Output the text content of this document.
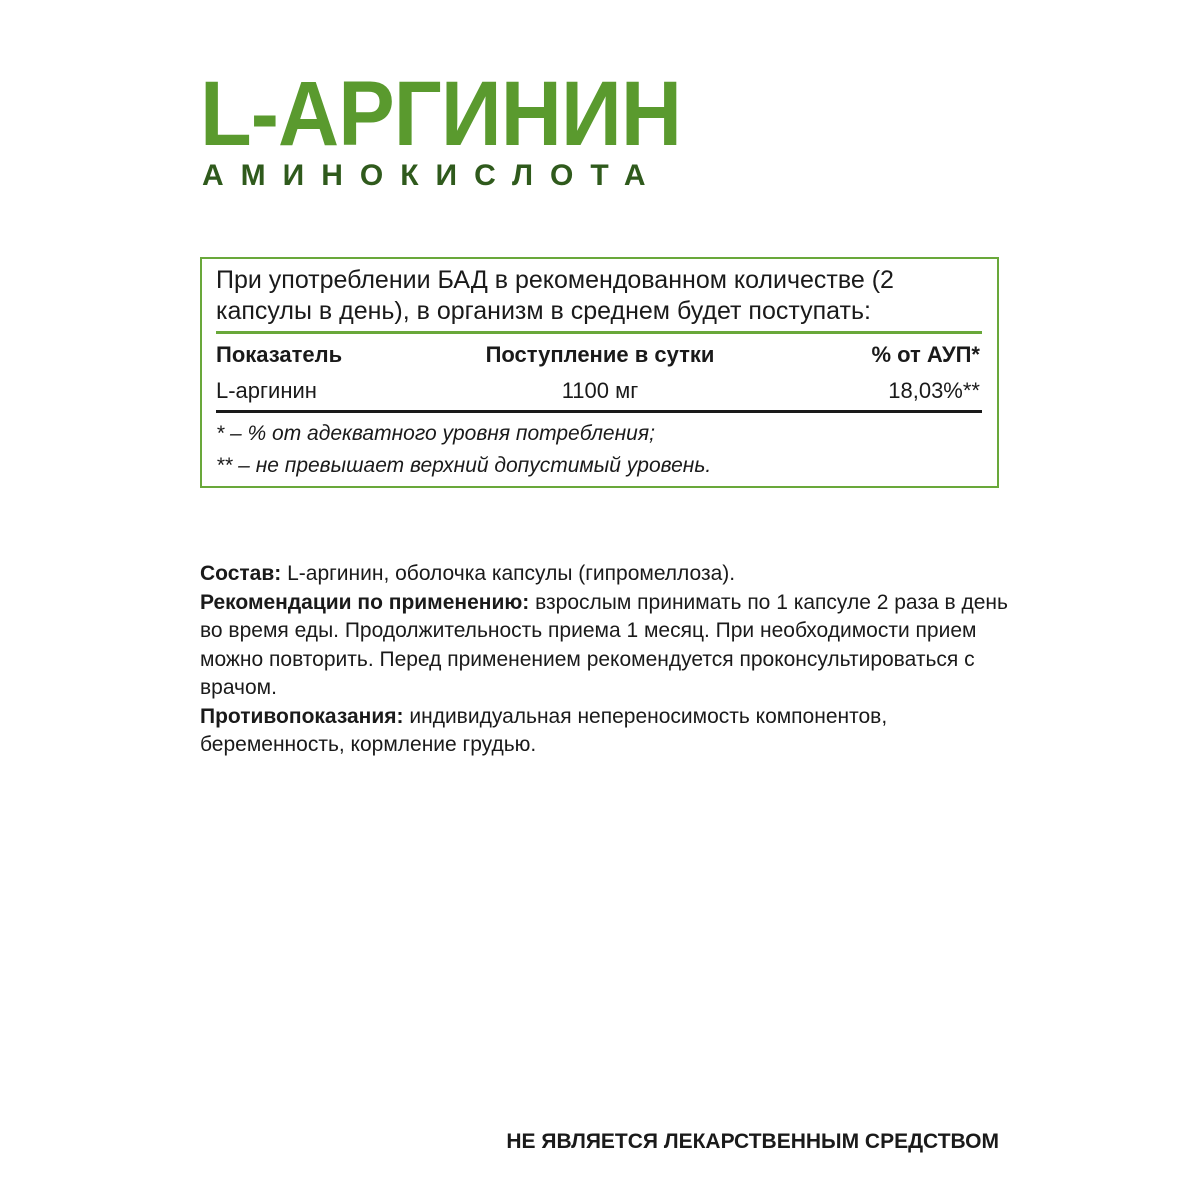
L-АРГИНИН
АМИНОКИСЛОТА
При употреблении БАД в рекомендованном количестве (2 капсулы в день), в организм в среднем будет поступать:
Показатель	Поступление в сутки	% от АУП*
L-аргинин	1100 мг	18,03%**
* – % от адекватного уровня потребления;
** – не превышает верхний допустимый уровень.

Состав: L-аргинин, оболочка капсулы (гипромеллоза).

Рекомендации по применению: взрослым принимать по 1 капсуле 2 раза в день во время еды. Продолжительность приема 1 месяц. При необходимости прием можно повторить. Перед применением рекомендуется проконсультироваться с врачом.

Противопоказания: индивидуальная непереносимость компонентов, беременность, кормление грудью.

НЕ ЯВЛЯЕТСЯ ЛЕКАРСТВЕННЫМ СРЕДСТВОМ
